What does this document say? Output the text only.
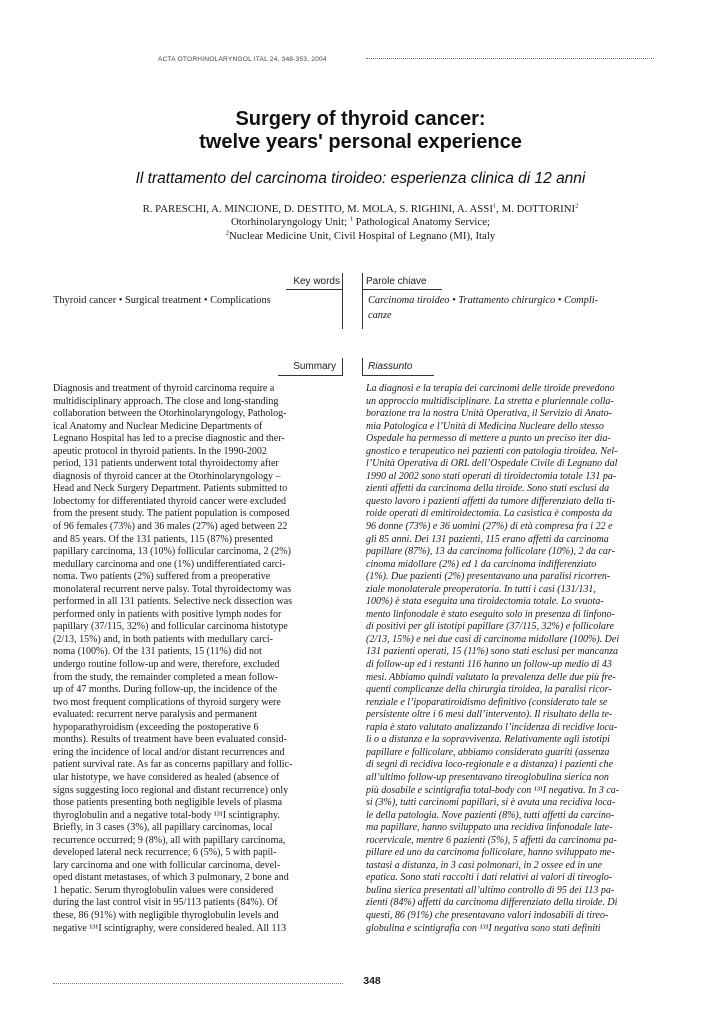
ACTA OTORHINOLARYNGOL ITAL 24, 348-353, 2004
Surgery of thyroid cancer:
twelve years' personal experience
Il trattamento del carcinoma tiroideo: esperienza clinica di 12 anni
R. PARESCHI, A. MINCIONE, D. DESTITO, M. MOLA, S. RIGHINI, A. ASSI$^1$, M. DOTTORINI$^2$
Otorhinolaryngology Unit; $^1$ Pathological Anatomy Service;
$^2$Nuclear Medicine Unit, Civil Hospital of Legnano (MI), Italy
Key words	Parole chiave
Thyroid cancer • Surgical treatment • Complications	Carcinoma tiroideo • Trattamento chirurgico • Compli-
canze
Summary	Riassunto
Diagnosis and treatment of thyroid carcinoma require a
multidisciplinary approach. The close and long-standing
collaboration between the Otorhinolaryngology, Patholog-
ical Anatomy and Nuclear Medicine Departments of
Legnano Hospital has led to a precise diagnostic and ther-
apeutic protocol in thyroid patients. In the 1990-2002
period, 131 patients underwent total thyroidectomy after
diagnosis of thyroid cancer at the Otorhinolaryngology –
Head and Neck Surgery Department. Patients submitted to
lobectomy for differentiated thyroid cancer were excluded
from the present study. The patient population is composed
of 96 females (73%) and 36 males (27%) aged between 22
and 85 years. Of the 131 patients, 115 (87%) presented
papillary carcinoma, 13 (10%) follicular carcinoma, 2 (2%)
medullary carcinoma and one (1%) undifferentiated carci-
noma. Two patients (2%) suffered from a preoperative
monolateral recurrent nerve palsy. Total thyroidectomy was
performed in all 131 patients. Selective neck dissection was
performed only in patients with positive lymph nodes for
papillary (37/115, 32%) and follicular carcinoma histotype
(2/13, 15%) and, in both patients with medullary carci-
noma (100%). Of the 131 patients, 15 (11%) did not
undergo routine follow-up and were, therefore, excluded
from the study, the remainder completed a mean follow-
up of 47 months. During follow-up, the incidence of the
two most frequent complications of thyroid surgery were
evaluated: recurrent nerve paralysis and permanent
hypoparathyroidism (exceeding the postoperative 6
months). Results of treatment have been evaluated consid-
ering the incidence of local and/or distant recurrences and
patient survival rate. As far as concerns papillary and follic-
ular histotype, we have considered as healed (absence of
signs suggesting loco regional and distant recurrence) only
those patients presenting both negligible levels of plasma
thyroglobulin and a negative total-body ¹³¹I scintigraphy.
Briefly, in 3 cases (3%), all papillary carcinomas, local
recurrence occurred; 9 (8%), all with papillary carcinoma,
developed lateral neck recurrence; 6 (5%), 5 with papil-
lary carcinoma and one with follicular carcinoma, devel-
oped distant metastases, of which 3 pulmonary, 2 bone and
1 hepatic. Serum thyroglobulin values were considered
during the last control visit in 95/113 patients (84%). Of
these, 86 (91%) with negligible thyroglobulin levels and
negative ¹³¹I scintigraphy, were considered healed. All 113
La diagnosi e la terapia dei carcinomi delle tiroide prevedono
un approccio multidisciplinare. La stretta e pluriennale colla-
borazione tra la nostra Unità Operativa, il Servizio di Anato-
mia Patologica e l’Unità di Medicina Nucleare dello stesso
Ospedale ha permesso di mettere a punto un preciso iter dia-
gnostico e terapeutico nei pazienti con patologia tiroidea. Nel-
l’Unità Operativa di ORL dell’Ospedale Civile di Legnano dal
1990 al 2002 sono stati operati di tiroidectomia totale 131 pa-
zienti affetti da carcinoma della tiroide. Sono stati esclusi da
questo lavoro i pazienti affetti da tumore differenziato della ti-
roide operati di emitiroidectomia. La casistica è composta da
96 donne (73%) e 36 uomini (27%) di età compresa fra i 22 e
gli 85 anni. Dei 131 pazienti, 115 erano affetti da carcinoma
papillare (87%), 13 da carcinoma follicolare (10%), 2 da car-
cinoma midollare (2%) ed 1 da carcinoma indifferenziato
(1%). Due pazienti (2%) presentavano una paralisi ricorren-
ziale monolaterale preoperatoria. In tutti i casi (131/131,
100%) è stata eseguita una tiroidectomia totale. Lo svuota-
mento linfonodale è stato eseguito solo in presenza di linfono-
di positivi per gli istotipi papillare (37/115, 32%) e follicolare
(2/13, 15%) e nei due casi di carcinoma midollare (100%). Dei
131 pazienti operati, 15 (11%) sono stati esclusi per mancanza
di follow-up ed i restanti 116 hanno un follow-up medio di 43
mesi. Abbiamo quindi valutato la prevalenza delle due più fre-
quenti complicanze della chirurgia tiroidea, la paralisi ricor-
renziale e l’ipoparatiroidismo definitivo (considerato tale se
persistente oltre i 6 mesi dall’intervento). Il risultato della te-
rapia è stato valutato analizzando l’incidenza di recidive loca-
li o a distanza e la sopravvivenza. Relativamente agli istotipi
papillare e follicolare, abbiamo considerato guariti (assenza
di segni di recidiva loco-regionale e a distanza) i pazienti che
all’ultimo follow-up presentavano tireoglobulina sierica non
più dosabile e scintigrafia total-body con ¹³¹I negativa. In 3 ca-
si (3%), tutti carcinomi papillari, si è avuta una recidiva loca-
le della patologia. Nove pazienti (8%), tutti affetti da carcino-
ma papillare, hanno sviluppato una recidiva linfonodale late-
rocervicale, mentre 6 pazienti (5%), 5 affetti da carcinoma pa-
pillare ed uno da carcinoma follicolare, hanno sviluppato me-
tastasi a distanza, in 3 casi polmonari, in 2 ossee ed in une
epatica. Sono stati raccolti i dati relativi ai valori di tireoglo-
bulina sierica presentati all’ultimo controllo di 95 dei 113 pa-
zienti (84%) affetti da carcinoma differenziato della tiroide. Di
questi, 86 (91%) che presentavano valori indosabili di tireo-
globulina e scintigrafia con ¹³¹I negativa sono stati definiti
348
